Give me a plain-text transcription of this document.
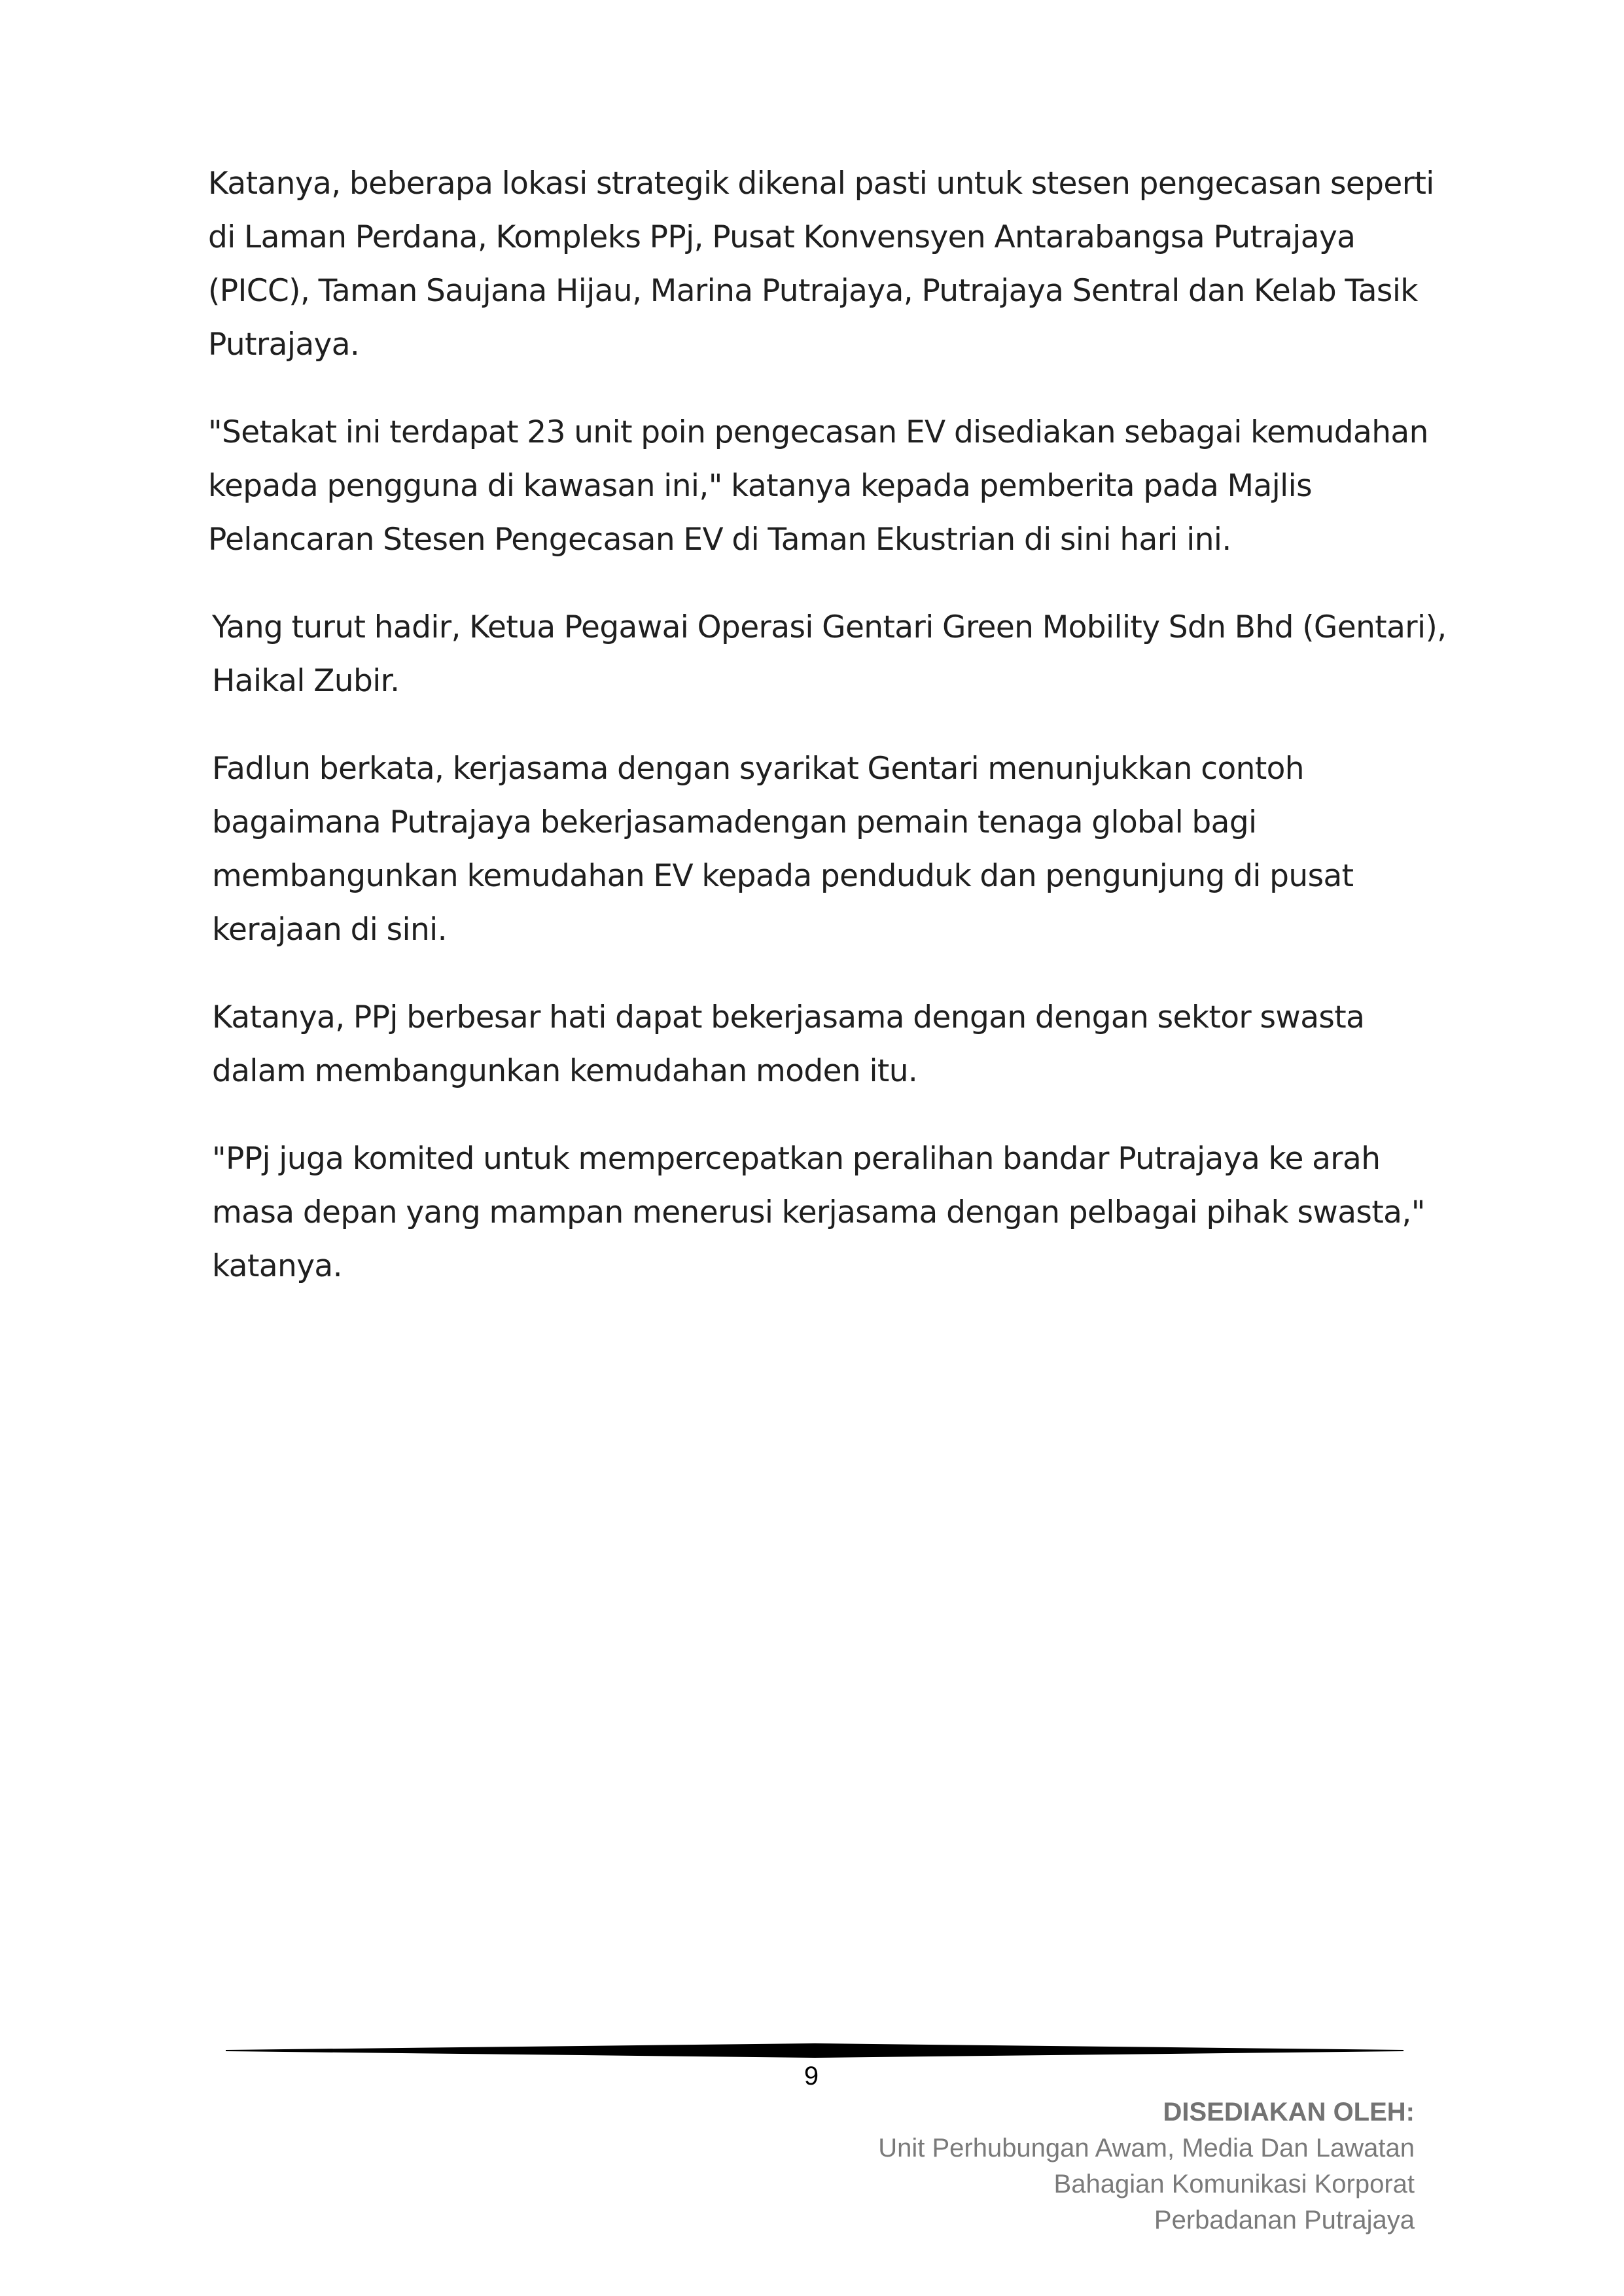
Katanya, beberapa lokasi strategik dikenal pasti untuk stesen pengecasan seperti di Laman Perdana, Kompleks PPj, Pusat Konvensyen Antarabangsa Putrajaya (PICC), Taman Saujana Hijau, Marina Putrajaya, Putrajaya Sentral dan Kelab Tasik Putrajaya.

"Setakat ini terdapat 23 unit poin pengecasan EV disediakan sebagai kemudahan kepada pengguna di kawasan ini," katanya kepada pemberita pada Majlis Pelancaran Stesen Pengecasan EV di Taman Ekustrian di sini hari ini.

Yang turut hadir, Ketua Pegawai Operasi Gentari Green Mobility Sdn Bhd (Gentari), Haikal Zubir.

Fadlun berkata, kerjasama dengan syarikat Gentari menunjukkan contoh bagaimana Putrajaya bekerjasamadengan pemain tenaga global bagi membangunkan kemudahan EV kepada penduduk dan pengunjung di pusat kerajaan di sini.

Katanya, PPj berbesar hati dapat bekerjasama dengan dengan sektor swasta dalam membangunkan kemudahan moden itu.

"PPj juga komited untuk mempercepatkan peralihan bandar Putrajaya ke arah masa depan yang mampan menerusi kerjasama dengan pelbagai pihak swasta," katanya.

9
DISEDIAKAN OLEH:
Unit Perhubungan Awam, Media Dan Lawatan
Bahagian Komunikasi Korporat
Perbadanan Putrajaya
